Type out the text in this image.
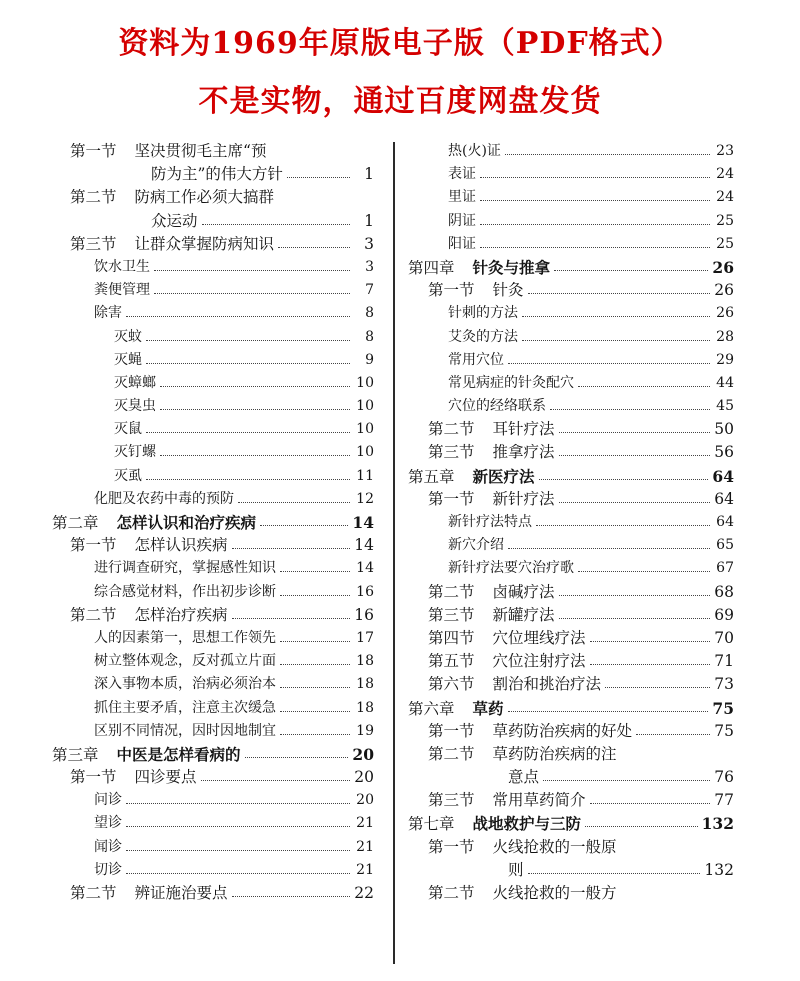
资料为1969年原版电子版（PDF格式）
不是实物，通过百度网盘发货
第一节 坚决贯彻毛主席“预
防为主”的伟大方针	1
第二节 防病工作必须大搞群
众运动	1
第三节 让群众掌握防病知识	3
饮水卫生	3
粪便管理	7
除害	8
灭蚊	8
灭蝇	9
灭蟑螂	10
灭臭虫	10
灭鼠	10
灭钉螺	10
灭虱	11
化肥及农药中毒的预防	12
第二章 怎样认识和治疗疾病	14
第一节 怎样认识疾病	14
进行调查研究，掌握感性知识	14
综合感觉材料，作出初步诊断	16
第二节 怎样治疗疾病	16
人的因素第一，思想工作领先	17
树立整体观念，反对孤立片面	18
深入事物本质，治病必须治本	18
抓住主要矛盾，注意主次缓急	18
区别不同情况，因时因地制宜	19
第三章 中医是怎样看病的	20
第一节 四诊要点	20
问诊	20
望诊	21
闻诊	21
切诊	21
第二节 辨证施治要点	22
热(火)证	23
表证	24
里证	24
阴证	25
阳证	25
第四章 针灸与推拿	26
第一节 针灸	26
针刺的方法	26
艾灸的方法	28
常用穴位	29
常见病症的针灸配穴	44
穴位的经络联系	45
第二节 耳针疗法	50
第三节 推拿疗法	56
第五章 新医疗法	64
第一节 新针疗法	64
新针疗法特点	64
新穴介绍	65
新针疗法要穴治疗歌	67
第二节 卤碱疗法	68
第三节 新罐疗法	69
第四节 穴位埋线疗法	70
第五节 穴位注射疗法	71
第六节 割治和挑治疗法	73
第六章 草药	75
第一节 草药防治疾病的好处	75
第二节 草药防治疾病的注
意点	76
第三节 常用草药简介	77
第七章 战地救护与三防	132
第一节 火线抢救的一般原
则	132
第二节 火线抢救的一般方
